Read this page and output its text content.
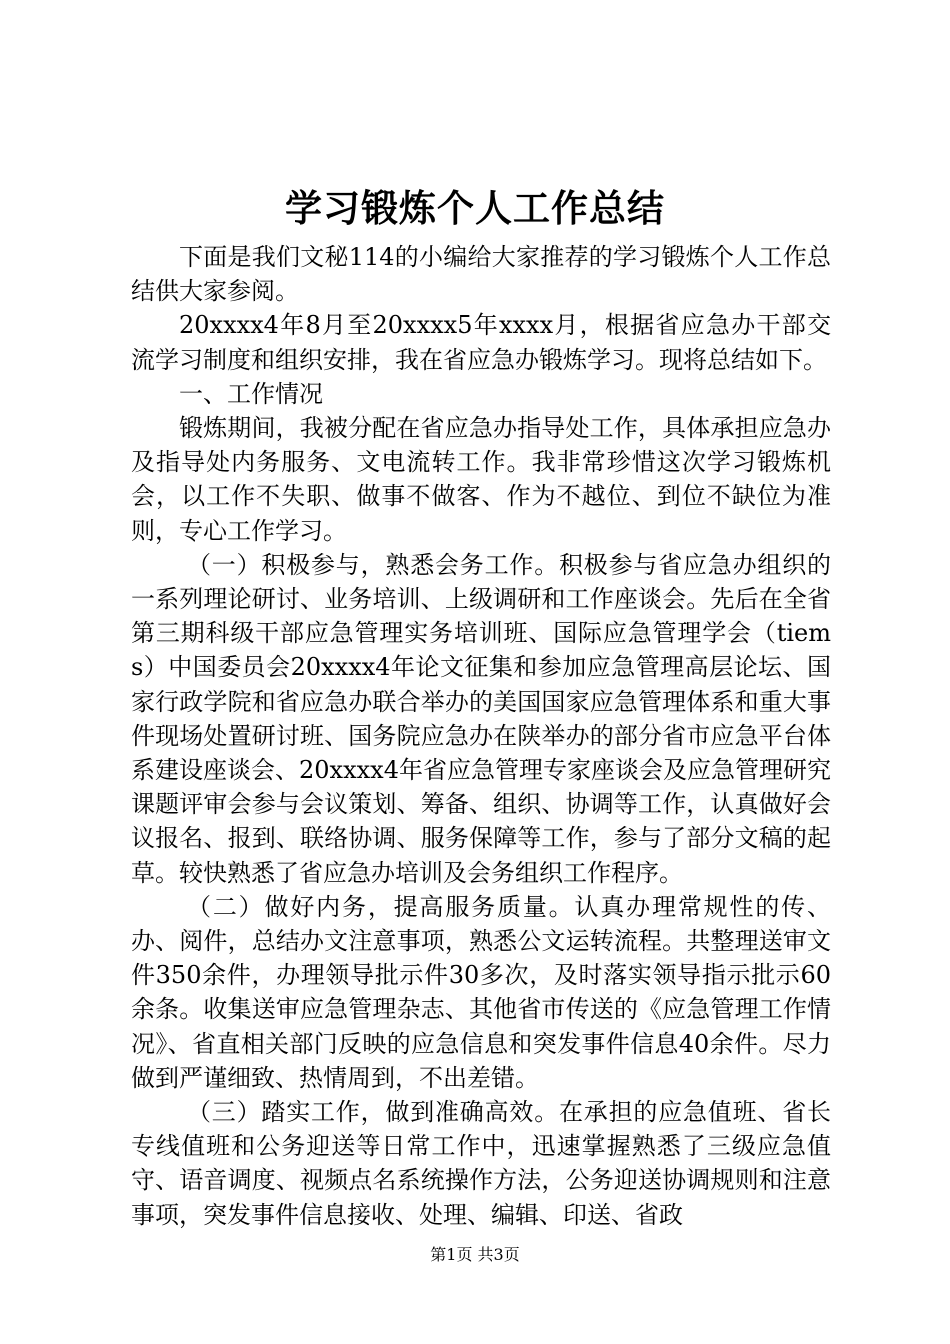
学习锻炼个人工作总结

下面是我们文秘114的小编给大家推荐的学习锻炼个人工作总结供大家参阅。

20xxxx4年8月至20xxxx5年xxxx月，根据省应急办干部交流学习制度和组织安排，我在省应急办锻炼学习。现将总结如下。

一、工作情况

锻炼期间，我被分配在省应急办指导处工作，具体承担应急办及指导处内务服务、文电流转工作。我非常珍惜这次学习锻炼机会，以工作不失职、做事不做客、作为不越位、到位不缺位为准则，专心工作学习。

（一）积极参与，熟悉会务工作。积极参与省应急办组织的一系列理论研讨、业务培训、上级调研和工作座谈会。先后在全省第三期科级干部应急管理实务培训班、国际应急管理学会（tiems）中国委员会20xxxx4年论文征集和参加应急管理高层论坛、国家行政学院和省应急办联合举办的美国国家应急管理体系和重大事件现场处置研讨班、国务院应急办在陕举办的部分省市应急平台体系建设座谈会、20xxxx4年省应急管理专家座谈会及应急管理研究课题评审会参与会议策划、筹备、组织、协调等工作，认真做好会议报名、报到、联络协调、服务保障等工作，参与了部分文稿的起草。较快熟悉了省应急办培训及会务组织工作程序。

（二）做好内务，提高服务质量。认真办理常规性的传、办、阅件，总结办文注意事项，熟悉公文运转流程。共整理送审文件350余件，办理领导批示件30多次，及时落实领导指示批示60余条。收集送审应急管理杂志、其他省市传送的《应急管理工作情况》、省直相关部门反映的应急信息和突发事件信息40余件。尽力做到严谨细致、热情周到，不出差错。

（三）踏实工作，做到准确高效。在承担的应急值班、省长专线值班和公务迎送等日常工作中，迅速掌握熟悉了三级应急值守、语音调度、视频点名系统操作方法，公务迎送协调规则和注意事项，突发事件信息接收、处理、编辑、印送、省政

第1页 共3页
